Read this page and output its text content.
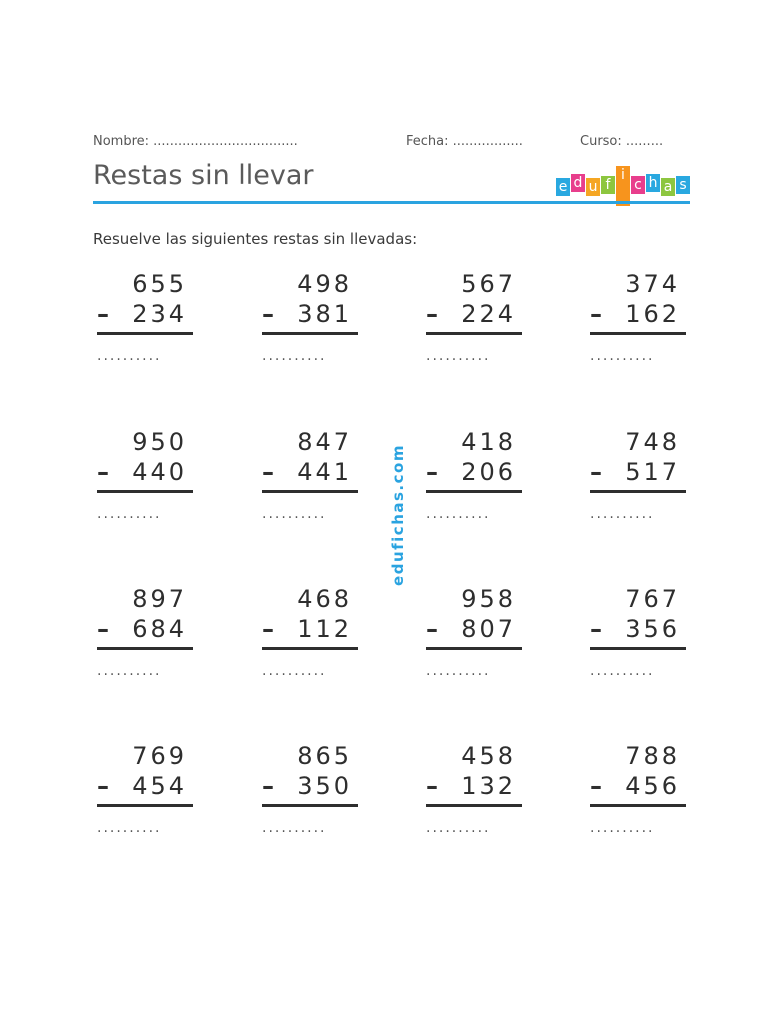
Nombre: ...................................	Fecha: .................	Curso: .........
Restas sin llevar	e d u f
i
c h a s
Resuelve las siguientes restas sin llevadas:
655
– 234
..........
498
– 381
..........
567
– 224
..........
374
– 162
..........
950
– 440
..........
847
– 441
..........
418
– 206
..........
748
– 517
..........
897
– 684
..........
468
– 112
..........
958
– 807
..........
767
– 356
..........
769
– 454
..........
865
– 350
..........
458
– 132
..........
788
– 456
..........
edufichas.com
